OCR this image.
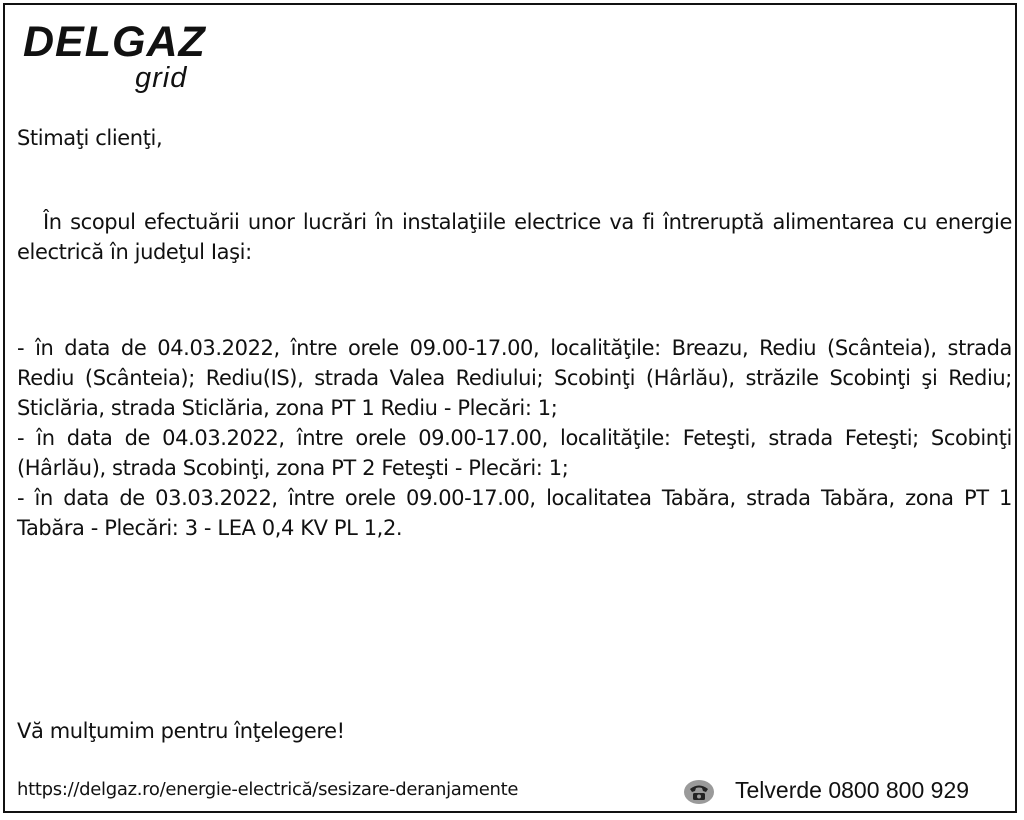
DELGAZ
grid
Stimaţi clienţi,
În scopul efectuării unor lucrări în instalaţiile electrice va fi întreruptă alimentarea cu energie electrică în judeţul Iaşi:
- în data de 04.03.2022, între orele 09.00-17.00, localităţile: Breazu, Rediu (Scânteia), strada Rediu (Scânteia); Rediu(IS), strada Valea Rediului; Scobinţi (Hârlău), străzile Scobinţi şi Rediu; Sticlăria, strada Sticlăria, zona PT 1 Rediu - Plecări: 1;
- în data de 04.03.2022, între orele 09.00-17.00, localităţile: Feteşti, strada Feteşti; Scobinţi (Hârlău), strada Scobinţi, zona PT 2 Feteşti - Plecări: 1;
- în data de 03.03.2022, între orele 09.00-17.00, localitatea Tabăra, strada Tabăra, zona PT 1 Tabăra - Plecări: 3 - LEA 0,4 KV PL 1,2.
Vă mulţumim pentru înţelegere!
https://delgaz.ro/energie-electrică/sesizare-deranjamente	Telverde 0800 800 929
